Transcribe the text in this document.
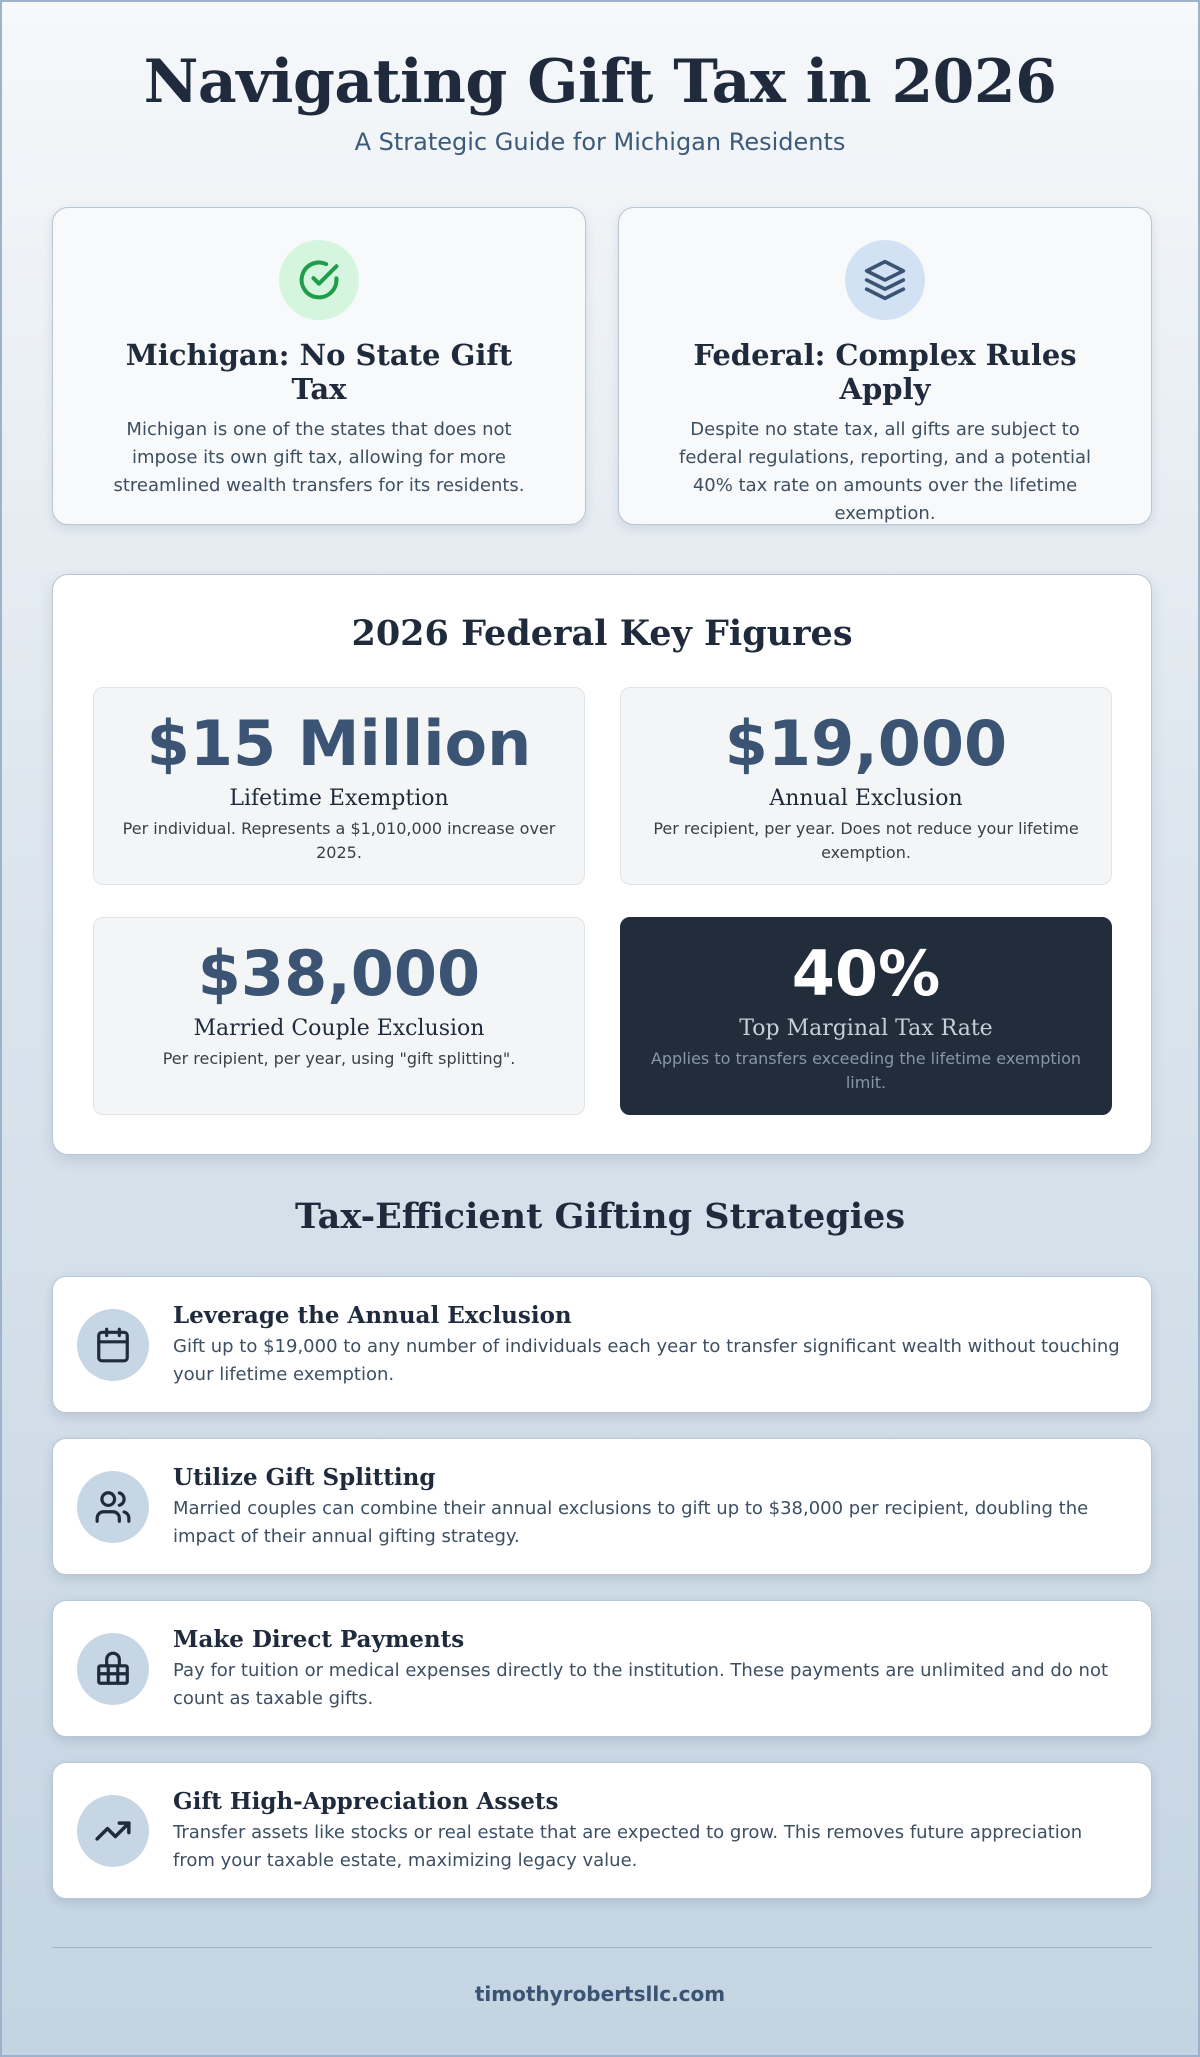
Navigating Gift Tax in 2026
A Strategic Guide for Michigan Residents
Michigan: No State Gift Tax

Michigan is one of the states that does not impose its own gift tax, allowing for more streamlined wealth transfers for its residents.

Federal: Complex Rules Apply

Despite no state tax, all gifts are subject to federal regulations, reporting, and a potential 40% tax rate on amounts over the lifetime exemption.

2026 Federal Key Figures
$15 Million
Lifetime Exemption
Per individual. Represents a $1,010,000 increase over 2025.
$19,000
Annual Exclusion
Per recipient, per year. Does not reduce your lifetime exemption.
$38,000
Married Couple Exclusion
Per recipient, per year, using "gift splitting".
40%
Top Marginal Tax Rate
Applies to transfers exceeding the lifetime exemption limit.
Tax-Efficient Gifting Strategies
Leverage the Annual Exclusion
Gift up to $19,000 to any number of individuals each year to transfer significant wealth without touching your lifetime exemption.
Utilize Gift Splitting
Married couples can combine their annual exclusions to gift up to $38,000 per recipient, doubling the impact of their annual gifting strategy.
Make Direct Payments
Pay for tuition or medical expenses directly to the institution. These payments are unlimited and do not count as taxable gifts.
Gift High-Appreciation Assets
Transfer assets like stocks or real estate that are expected to grow. This removes future appreciation from your taxable estate, maximizing legacy value.
timothyrobertsllc.com
